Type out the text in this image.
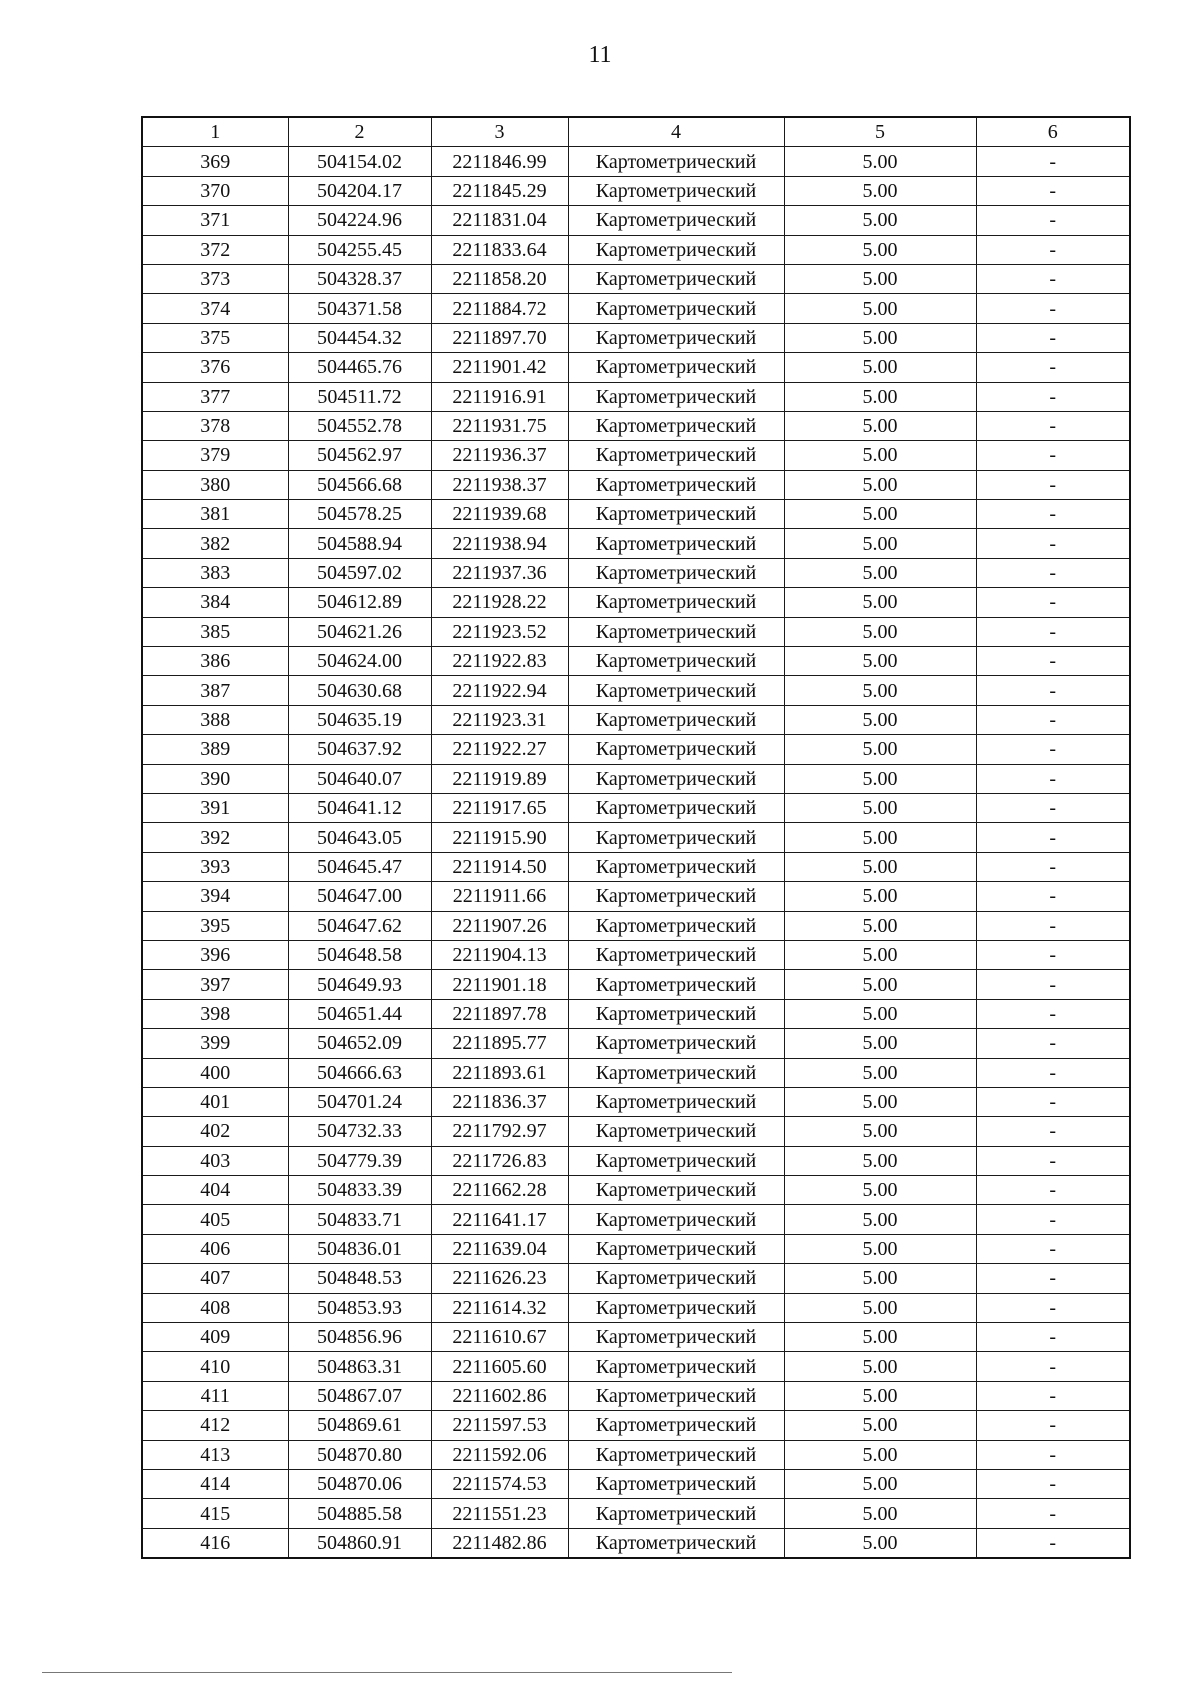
11
1	2	3	4	5	6
369	504154.02	2211846.99	Картометрический	5.00	-
370	504204.17	2211845.29	Картометрический	5.00	-
371	504224.96	2211831.04	Картометрический	5.00	-
372	504255.45	2211833.64	Картометрический	5.00	-
373	504328.37	2211858.20	Картометрический	5.00	-
374	504371.58	2211884.72	Картометрический	5.00	-
375	504454.32	2211897.70	Картометрический	5.00	-
376	504465.76	2211901.42	Картометрический	5.00	-
377	504511.72	2211916.91	Картометрический	5.00	-
378	504552.78	2211931.75	Картометрический	5.00	-
379	504562.97	2211936.37	Картометрический	5.00	-
380	504566.68	2211938.37	Картометрический	5.00	-
381	504578.25	2211939.68	Картометрический	5.00	-
382	504588.94	2211938.94	Картометрический	5.00	-
383	504597.02	2211937.36	Картометрический	5.00	-
384	504612.89	2211928.22	Картометрический	5.00	-
385	504621.26	2211923.52	Картометрический	5.00	-
386	504624.00	2211922.83	Картометрический	5.00	-
387	504630.68	2211922.94	Картометрический	5.00	-
388	504635.19	2211923.31	Картометрический	5.00	-
389	504637.92	2211922.27	Картометрический	5.00	-
390	504640.07	2211919.89	Картометрический	5.00	-
391	504641.12	2211917.65	Картометрический	5.00	-
392	504643.05	2211915.90	Картометрический	5.00	-
393	504645.47	2211914.50	Картометрический	5.00	-
394	504647.00	2211911.66	Картометрический	5.00	-
395	504647.62	2211907.26	Картометрический	5.00	-
396	504648.58	2211904.13	Картометрический	5.00	-
397	504649.93	2211901.18	Картометрический	5.00	-
398	504651.44	2211897.78	Картометрический	5.00	-
399	504652.09	2211895.77	Картометрический	5.00	-
400	504666.63	2211893.61	Картометрический	5.00	-
401	504701.24	2211836.37	Картометрический	5.00	-
402	504732.33	2211792.97	Картометрический	5.00	-
403	504779.39	2211726.83	Картометрический	5.00	-
404	504833.39	2211662.28	Картометрический	5.00	-
405	504833.71	2211641.17	Картометрический	5.00	-
406	504836.01	2211639.04	Картометрический	5.00	-
407	504848.53	2211626.23	Картометрический	5.00	-
408	504853.93	2211614.32	Картометрический	5.00	-
409	504856.96	2211610.67	Картометрический	5.00	-
410	504863.31	2211605.60	Картометрический	5.00	-
411	504867.07	2211602.86	Картометрический	5.00	-
412	504869.61	2211597.53	Картометрический	5.00	-
413	504870.80	2211592.06	Картометрический	5.00	-
414	504870.06	2211574.53	Картометрический	5.00	-
415	504885.58	2211551.23	Картометрический	5.00	-
416	504860.91	2211482.86	Картометрический	5.00	-
